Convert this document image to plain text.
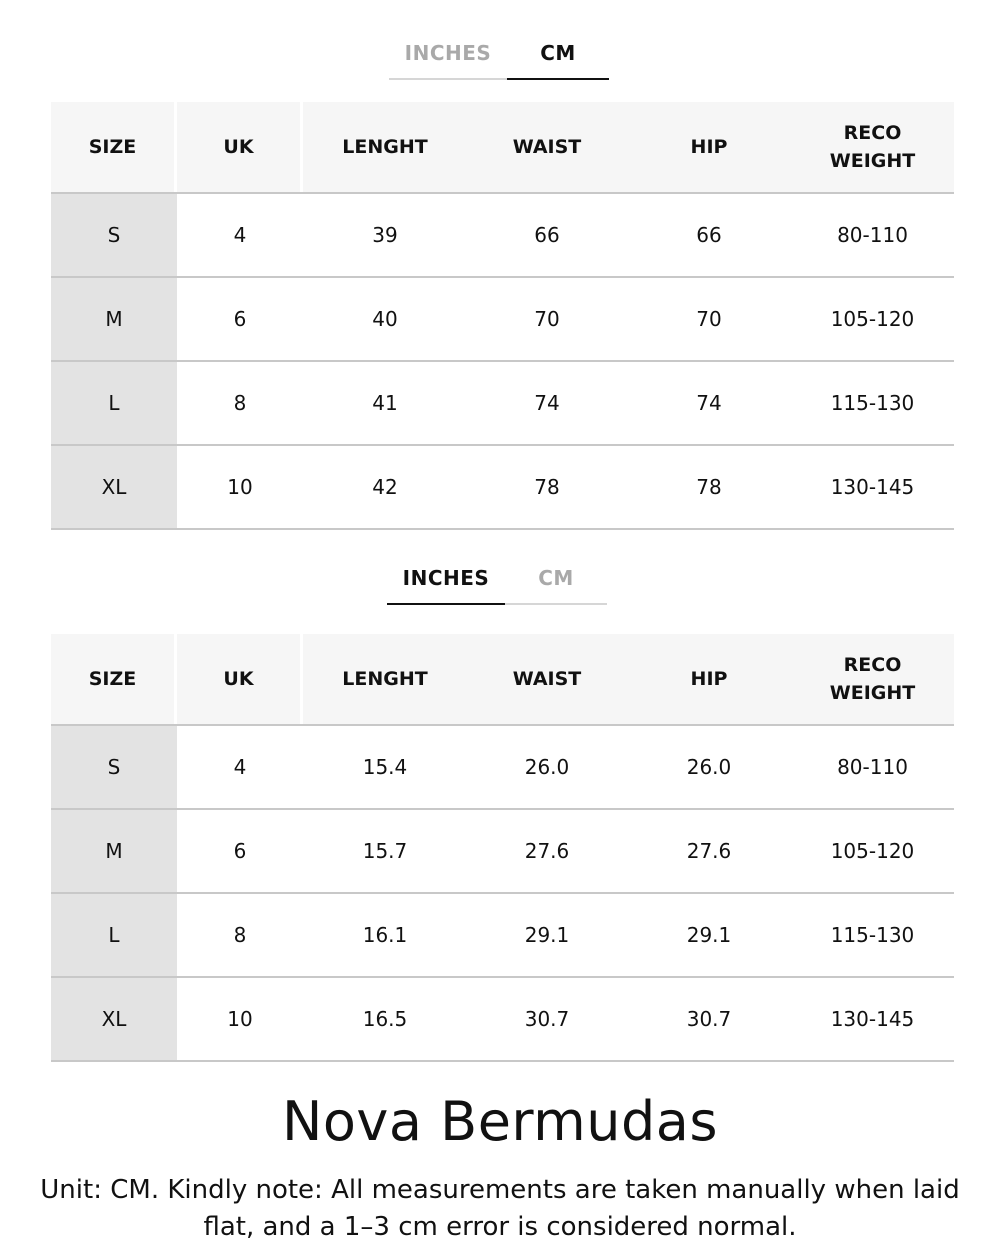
INCHES	CM
SIZE	UK	LENGHT	WAIST	HIP
RECO
WEIGHT
S	4	39	66	66	80-110
M	6	40	70	70	105-120
L	8	41	74	74	115-130
XL	10	42	78	78	130-145
INCHES	CM
SIZE	UK	LENGHT	WAIST	HIP
RECO
WEIGHT
S	4	15.4	26.0	26.0	80-110
M	6	15.7	27.6	27.6	105-120
L	8	16.1	29.1	29.1	115-130
XL	10	16.5	30.7	30.7	130-145
Nova Bermudas
Unit: CM. Kindly note: All measurements are taken manually when laid flat, and a 1–3 cm error is considered normal.
